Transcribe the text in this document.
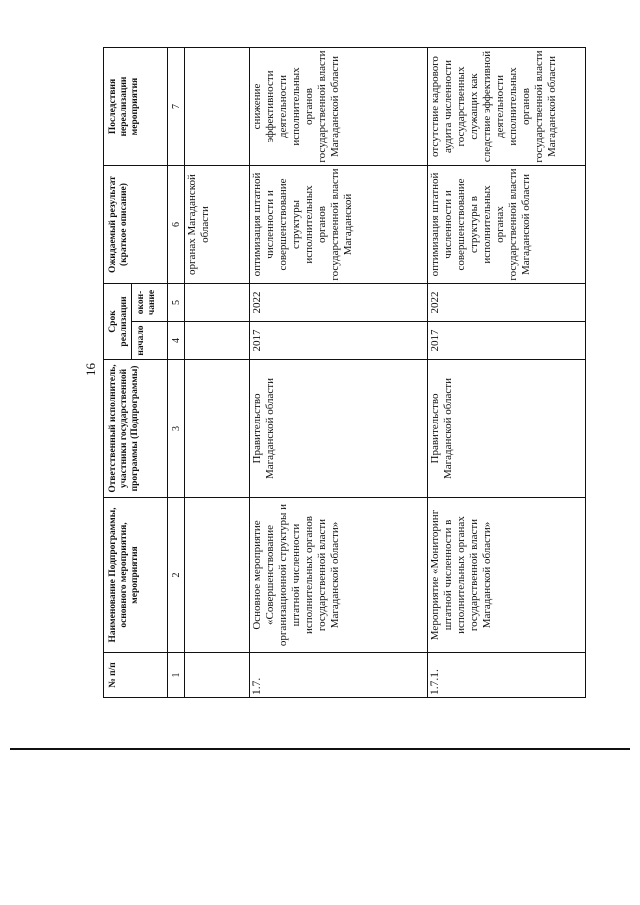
16
№ п/п	Наименование Подпрограммы, основного мероприятия, мероприятия	Ответственный исполнитель, участники государственной программы (Подпрограммы)	Срок реализации		Ожидаемый результат (краткое описание)	Последствия нереализации мероприятия
			начало	окон-чание		
1	2	3	4	5	6	7
					органах Магаданской области	
1.7.	Основное мероприятие «Совершенствование организационной структуры и штатной численности исполнительных органов государственной власти Магаданской области»	Правительство Магаданской области	2017	2022	оптимизация штатной численности и совершенствование структуры исполнительных органов государственной власти Магаданской	снижение эффективности деятельности исполнительных органов государственной власти Магаданской области
1.7.1.	Мероприятие «Мониторинг штатной численности в исполнительных органах государственной власти Магаданской области»	Правительство Магаданской области	2017	2022	оптимизация штатной численности и совершенствование структуры в исполнительных органах государственной власти Магаданской области	отсутствие кадрового аудита численности государственных служащих как следствие эффективной деятельности исполнительных органов государственной власти Магаданской области
